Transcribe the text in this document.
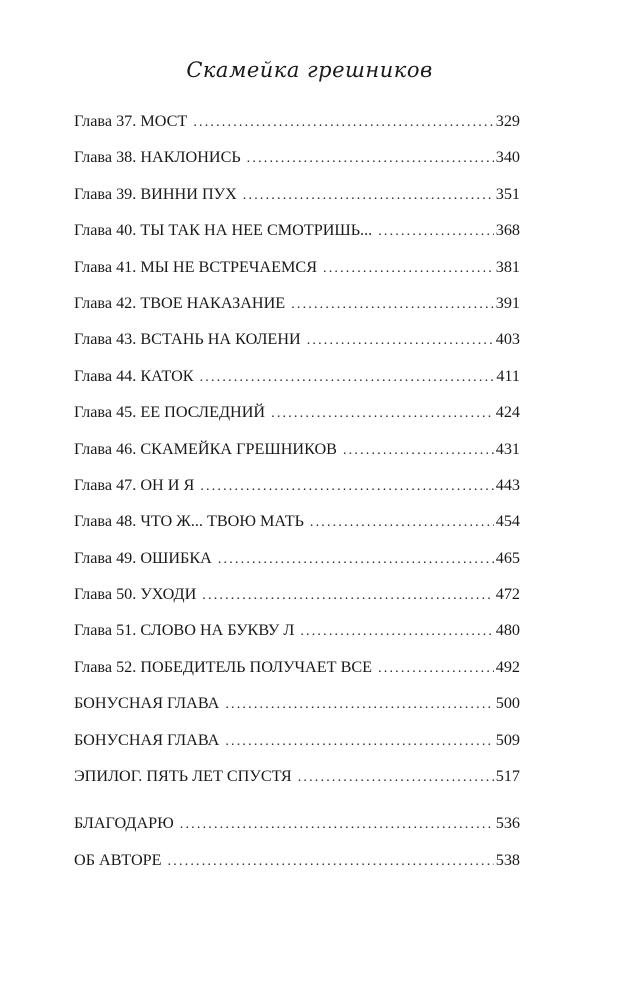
Скамейка грешников
Глава 37. МОСТ .....	329
Глава 38. НАКЛОНИСЬ .....	340
Глава 39. ВИННИ ПУХ .....	351
Глава 40. ТЫ ТАК НА НЕЕ СМОТРИШЬ... .....	368
Глава 41. МЫ НЕ ВСТРЕЧАЕМСЯ .....	381
Глава 42. ТВОЕ НАКАЗАНИЕ .....	391
Глава 43. ВСТАНЬ НА КОЛЕНИ .....	403
Глава 44. КАТОК .....	411
Глава 45. ЕЕ ПОСЛЕДНИЙ .....	424
Глава 46. СКАМЕЙКА ГРЕШНИКОВ .....	431
Глава 47. ОН И Я .....	443
Глава 48. ЧТО Ж... ТВОЮ МАТЬ .....	454
Глава 49. ОШИБКА .....	465
Глава 50. УХОДИ .....	472
Глава 51. СЛОВО НА БУКВУ Л .....	480
Глава 52. ПОБЕДИТЕЛЬ ПОЛУЧАЕТ ВСЕ .....	492
БОНУСНАЯ ГЛАВА .....	500
БОНУСНАЯ ГЛАВА .....	509
ЭПИЛОГ. ПЯТЬ ЛЕТ СПУСТЯ .....	517
БЛАГОДАРЮ .....	536
ОБ АВТОРЕ .....	538
